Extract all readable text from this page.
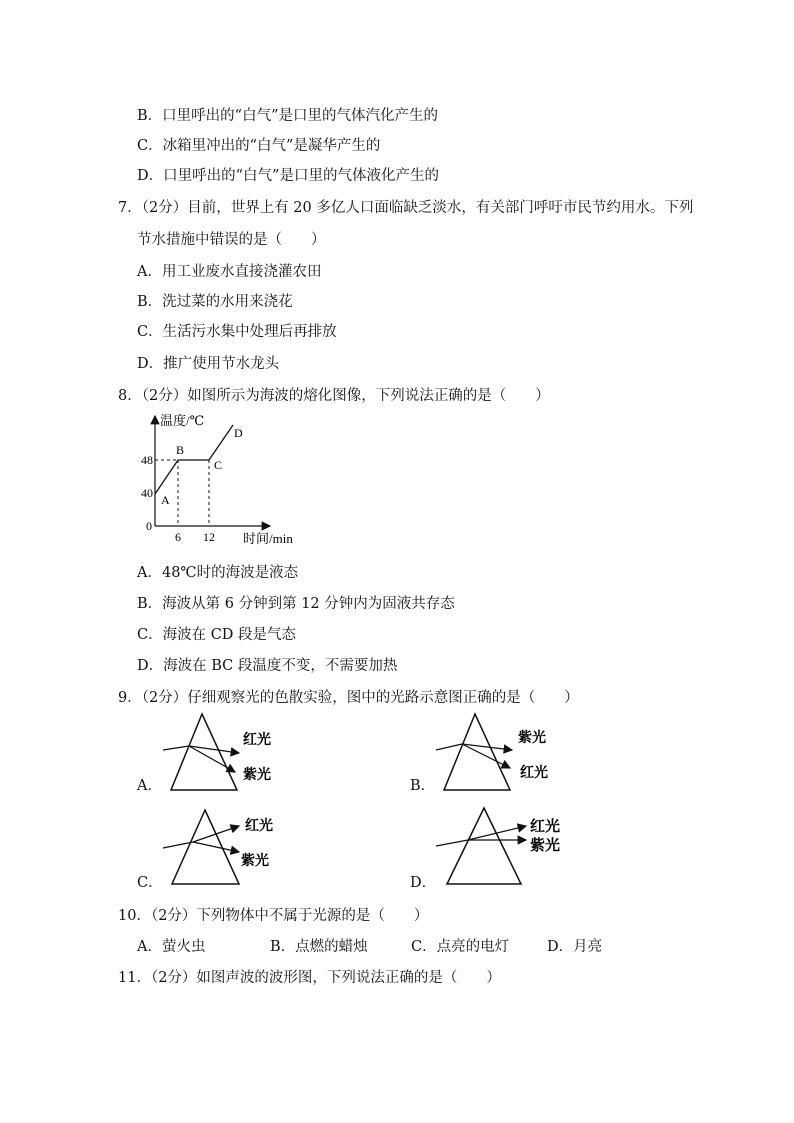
B．口里呼出的“白气”是口里的气体汽化产生的
C．冰箱里冲出的“白气”是凝华产生的
D．口里呼出的“白气”是口里的气体液化产生的
7．（2分）目前，世界上有 20 多亿人口面临缺乏淡水，有关部门呼吁市民节约用水。下列
节水措施中错误的是（　　）
A．用工业废水直接浇灌农田
B．洗过菜的水用来浇花
C．生活污水集中处理后再排放
D．推广使用节水龙头
8．（2分）如图所示为海波的熔化图像，下列说法正确的是（　　）
温度/℃
48
40
0
6 12 时间/min
A
B
C
D
A．48℃时的海波是液态
B．海波从第 6 分钟到第 12 分钟内为固液共存态
C．海波在 CD 段是气态
D．海波在 BC 段温度不变，不需要加热
9．（2分）仔细观察光的色散实验，图中的光路示意图正确的是（　　）
A．
红光
紫光
B．
紫光
红光
C．
红光
紫光
D．
红光
紫光
10．（2分）下列物体中不属于光源的是（　　）
A．萤火虫	B．点燃的蜡烛	C．点亮的电灯	D．月亮
11．（2分）如图声波的波形图，下列说法正确的是（　　）
